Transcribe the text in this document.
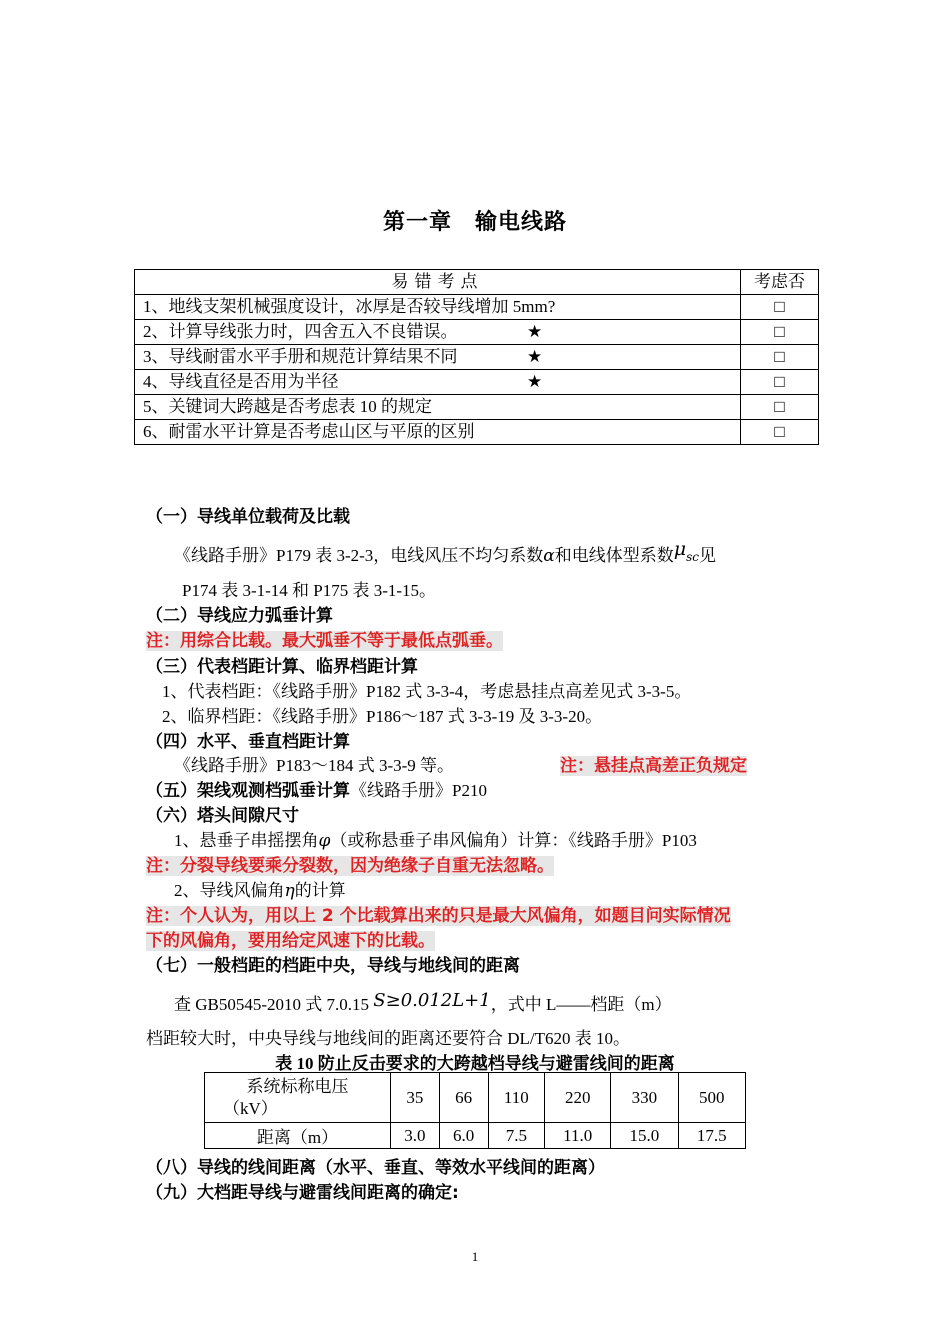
第一章　输电线路
易错考点	考虑否
1、地线支架机械强度设计，冰厚是否较导线增加 5mm?	□
2、计算导线张力时，四舍五入不良错误。 ★	□
3、导线耐雷水平手册和规范计算结果不同 ★	□
4、导线直径是否用为半径 ★	□
5、关键词大跨越是否考虑表 10 的规定	□
6、耐雷水平计算是否考虑山区与平原的区别	□
（一）导线单位载荷及比载
《线路手册》P179 表 3-2-3，电线风压不均匀系数α和电线体型系数μsc见
P174 表 3-1-14 和 P175 表 3-1-15。
（二）导线应力弧垂计算
注：用综合比载。最大弧垂不等于最低点弧垂。
（三）代表档距计算、临界档距计算
1、代表档距：《线路手册》P182 式 3-3-4，考虑悬挂点高差见式 3-3-5。
2、临界档距：《线路手册》P186～187 式 3-3-19 及 3-3-20。
（四）水平、垂直档距计算
《线路手册》P183～184 式 3-3-9 等。	注：悬挂点高差正负规定
（五）架线观测档弧垂计算《线路手册》P210
（六）塔头间隙尺寸
1、悬垂子串摇摆角φ（或称悬垂子串风偏角）计算：《线路手册》P103
注：分裂导线要乘分裂数，因为绝缘子自重无法忽略。
2、导线风偏角η的计算
注：个人认为，用以上 2 个比载算出来的只是最大风偏角，如题目问实际情况
下的风偏角，要用给定风速下的比载。
（七）一般档距的档距中央，导线与地线间的距离
查 GB50545-2010 式 7.0.15 S≥0.012L+1，式中 L——档距（m）
档距较大时，中央导线与地线间的距离还要符合 DL/T620 表 10。
表 10 防止反击要求的大跨越档导线与避雷线间的距离
系统标称电压
（kV）	35	66	110	220	330	500
距离（m）	3.0	6.0	7.5	11.0	15.0	17.5
（八）导线的线间距离（水平、垂直、等效水平线间的距离）
（九）大档距导线与避雷线间距离的确定:
1
